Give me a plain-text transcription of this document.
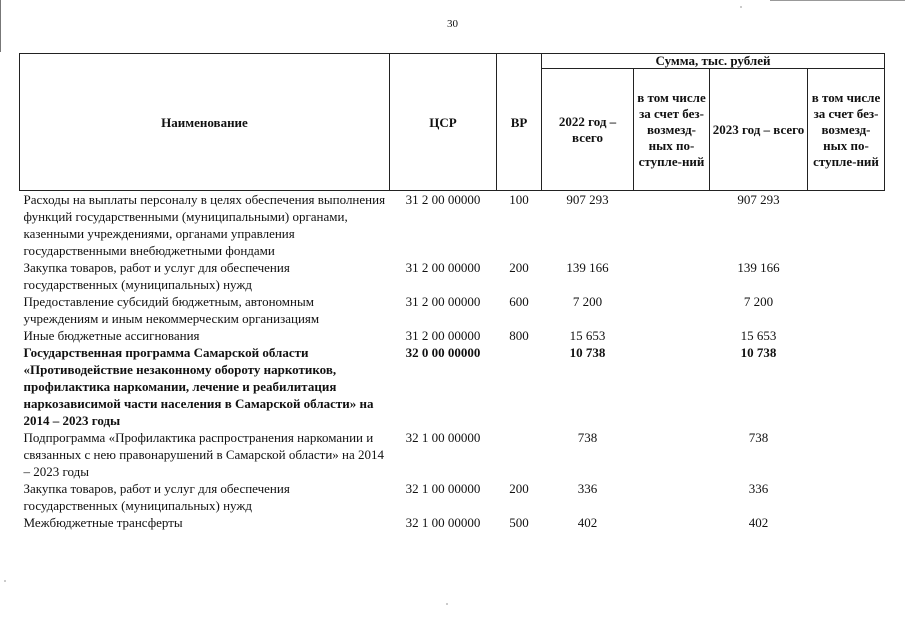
30
Наименование	ЦСР	ВР	Сумма, тыс. рублей			
			2022 год – всего	в том числе за счет без-возмезд-ных по-ступле-ний	2023 год – всего	в том числе за счет без-возмезд-ных по-ступле-ний
Расходы на выплаты персоналу в целях обеспечения выполнения функций государственными (муниципальными) органами, казенными учреждениями, органами управления государственными внебюджетными фондами	31 2 00 00000	100	907 293		907 293	
Закупка товаров, работ и услуг для обеспечения государственных (муниципальных) нужд	31 2 00 00000	200	139 166		139 166	
Предоставление субсидий бюджетным, автономным учреждениям и иным некоммерческим организациям	31 2 00 00000	600	7 200		7 200	
Иные бюджетные ассигнования	31 2 00 00000	800	15 653		15 653	
Государственная программа Самарской области «Противодействие незаконному обороту наркотиков, профилактика наркомании, лечение и реабилитация наркозависимой части населения в Самарской области» на 2014 – 2023 годы	32 0 00 00000		10 738		10 738	
Подпрограмма «Профилактика распространения наркомании и связанных с нею правонарушений в Самарской области» на 2014 – 2023 годы	32 1 00 00000		738		738	
Закупка товаров, работ и услуг для обеспечения государственных (муниципальных) нужд	32 1 00 00000	200	336		336	
Межбюджетные трансферты	32 1 00 00000	500	402		402	
